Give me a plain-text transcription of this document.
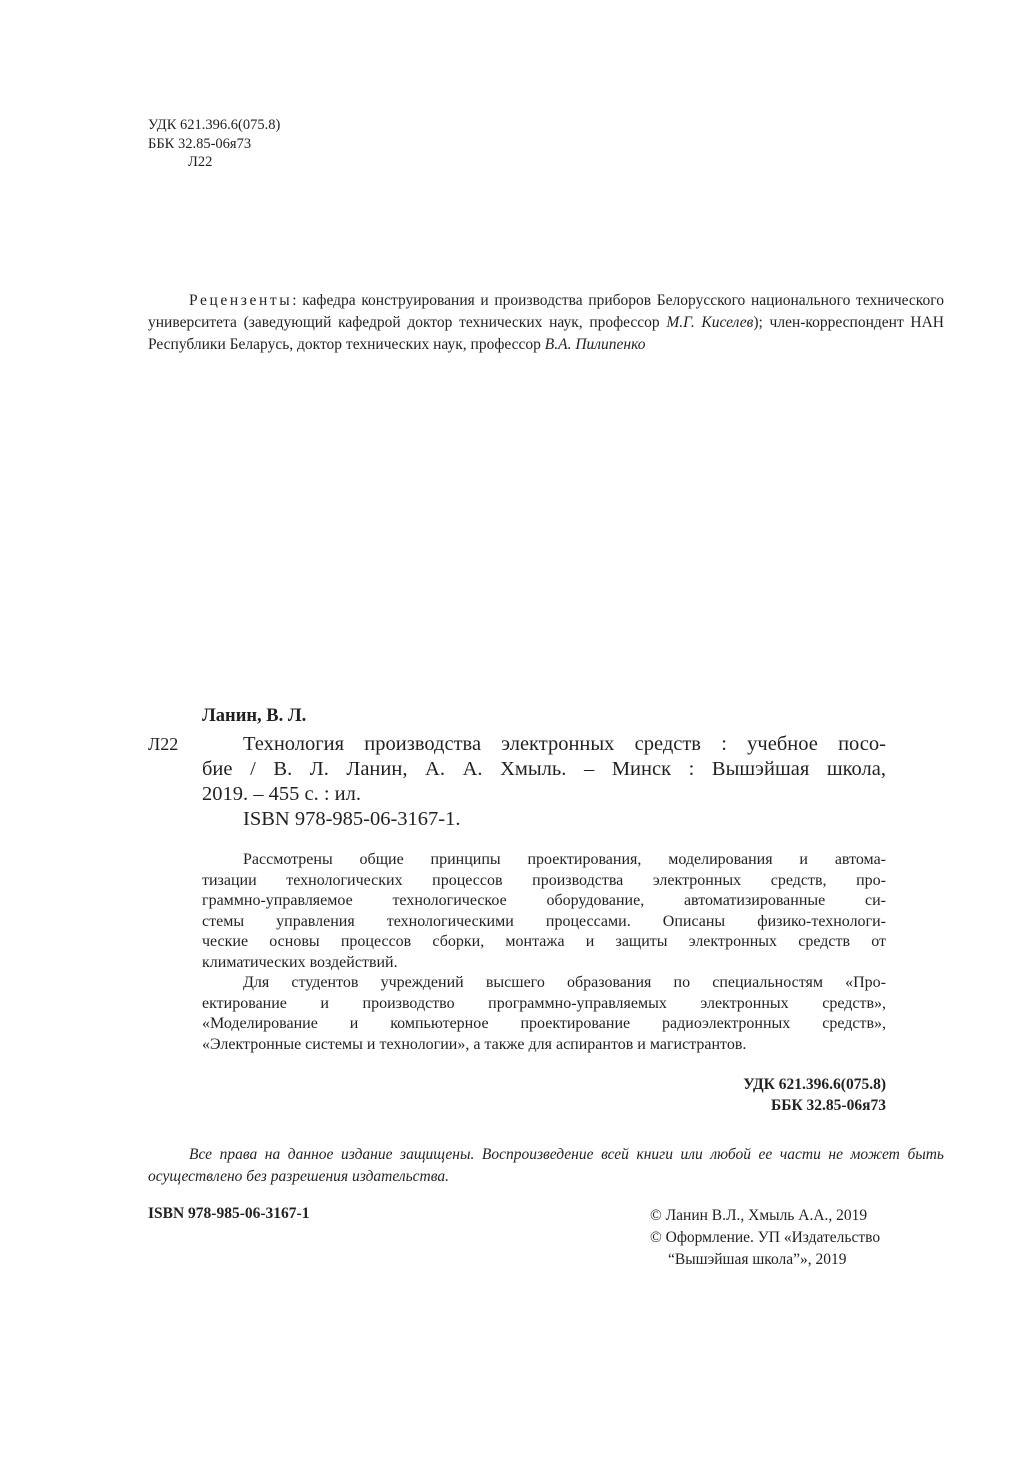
УДК 621.396.6(075.8)
ББК 32.85-06я73
Л22
Рецензенты: кафедра конструирования и производства приборов Белорусского национального технического университета (заведующий кафедрой доктор технических наук, профессор М.Г. Киселев); член-корреспондент НАН Республики Беларусь, доктор технических наук, профессор В.А. Пилипенко
Ланин, В. Л.
Л22	Технология производства электронных средств : учебное посо-
бие / В. Л. Ланин, А. А. Хмыль. – Минск : Вышэйшая школа,
2019. – 455 с. : ил.
ISBN 978-985-06-3167-1.
Рассмотрены общие принципы проектирования, моделирования и автома-
тизации технологических процессов производства электронных средств, про-
граммно-управляемое технологическое оборудование, автоматизированные си-
стемы управления технологическими процессами. Описаны физико-технологи-
ческие основы процессов сборки, монтажа и защиты электронных средств от
климатических воздействий.
Для студентов учреждений высшего образования по специальностям «Про-
ектирование и производство программно-управляемых электронных средств»,
«Моделирование и компьютерное проектирование радиоэлектронных средств»,
«Электронные системы и технологии», а также для аспирантов и магистрантов.
УДК 621.396.6(075.8)
ББК 32.85-06я73
Все права на данное издание защищены. Воспроизведение всей книги или любой ее части не может быть осуществлено без разрешения издательства.
ISBN 978-985-06-3167-1	© Ланин В.Л., Хмыль А.А., 2019
© Оформление. УП «Издательство
“Вышэйшая школа”», 2019
